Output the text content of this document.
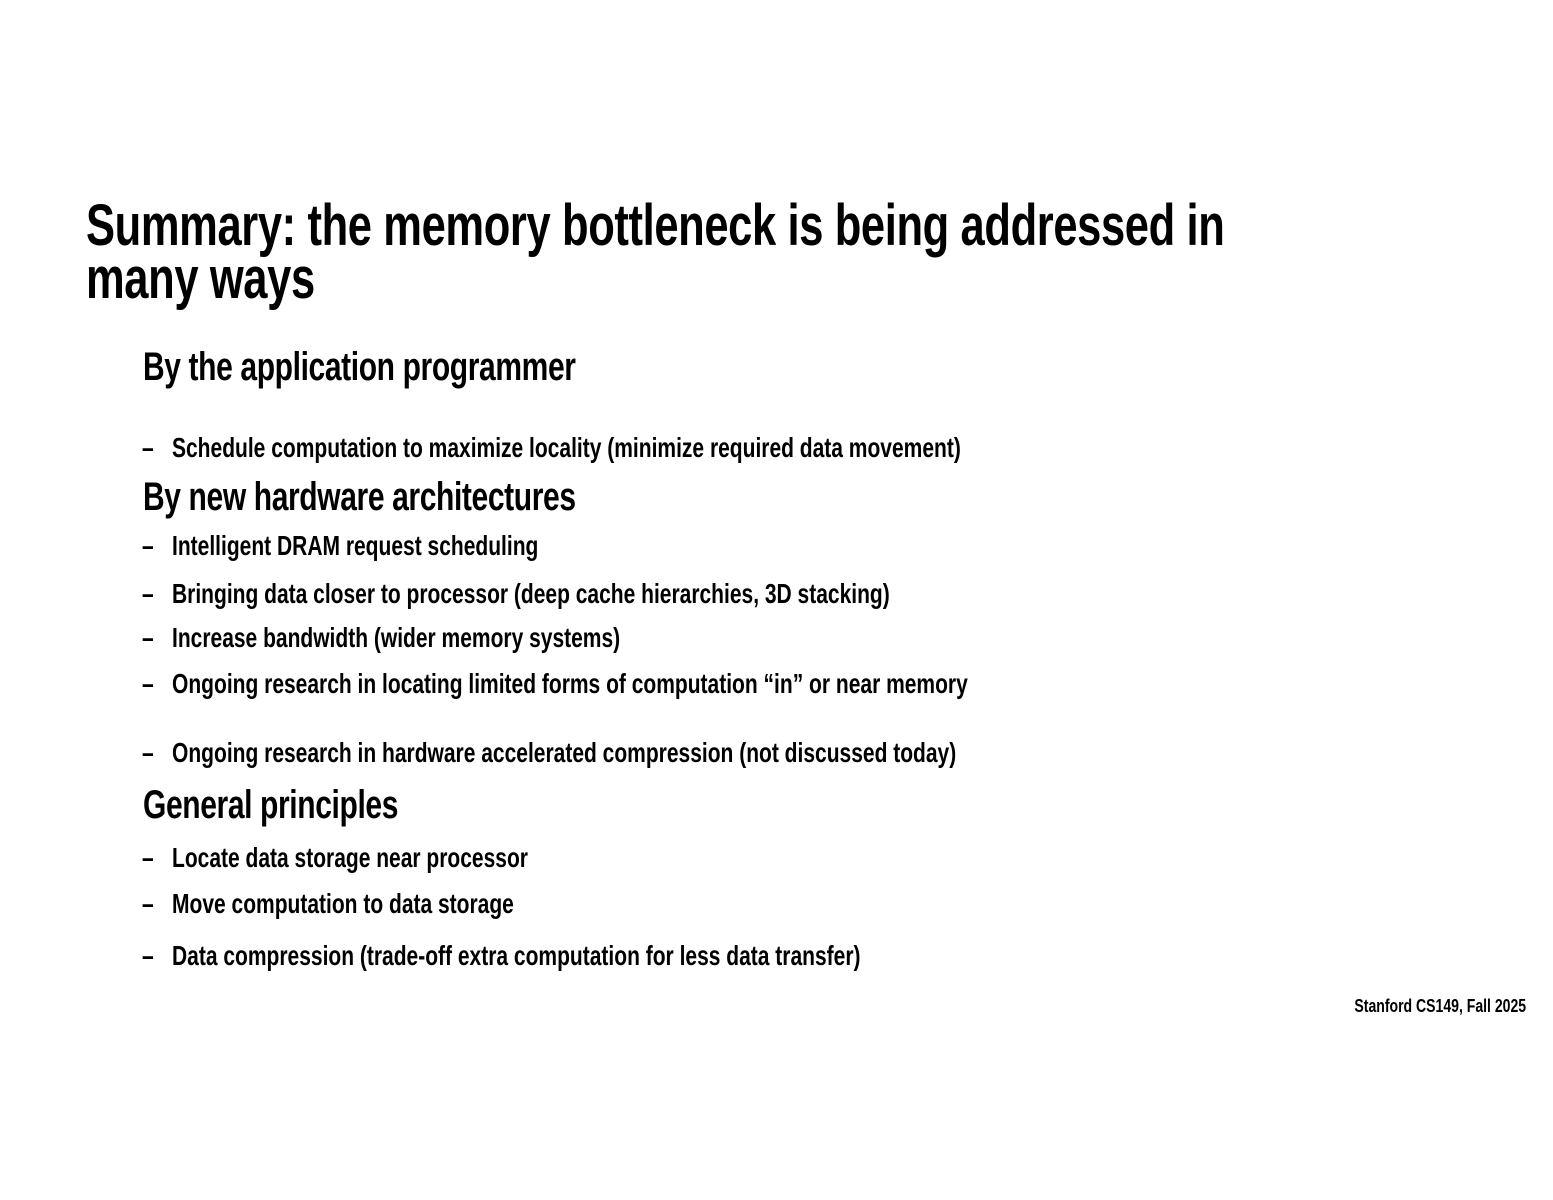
Summary: the memory bottleneck is being addressed in
many ways
By the application programmer
– Schedule computation to maximize locality (minimize required data movement)
By new hardware architectures
– Intelligent DRAM request scheduling
– Bringing data closer to processor (deep cache hierarchies, 3D stacking)
– Increase bandwidth (wider memory systems)
– Ongoing research in locating limited forms of computation “in” or near memory
– Ongoing research in hardware accelerated compression (not discussed today)
General principles
– Locate data storage near processor
– Move computation to data storage
– Data compression (trade-off extra computation for less data transfer)
Stanford CS149, Fall 2025
